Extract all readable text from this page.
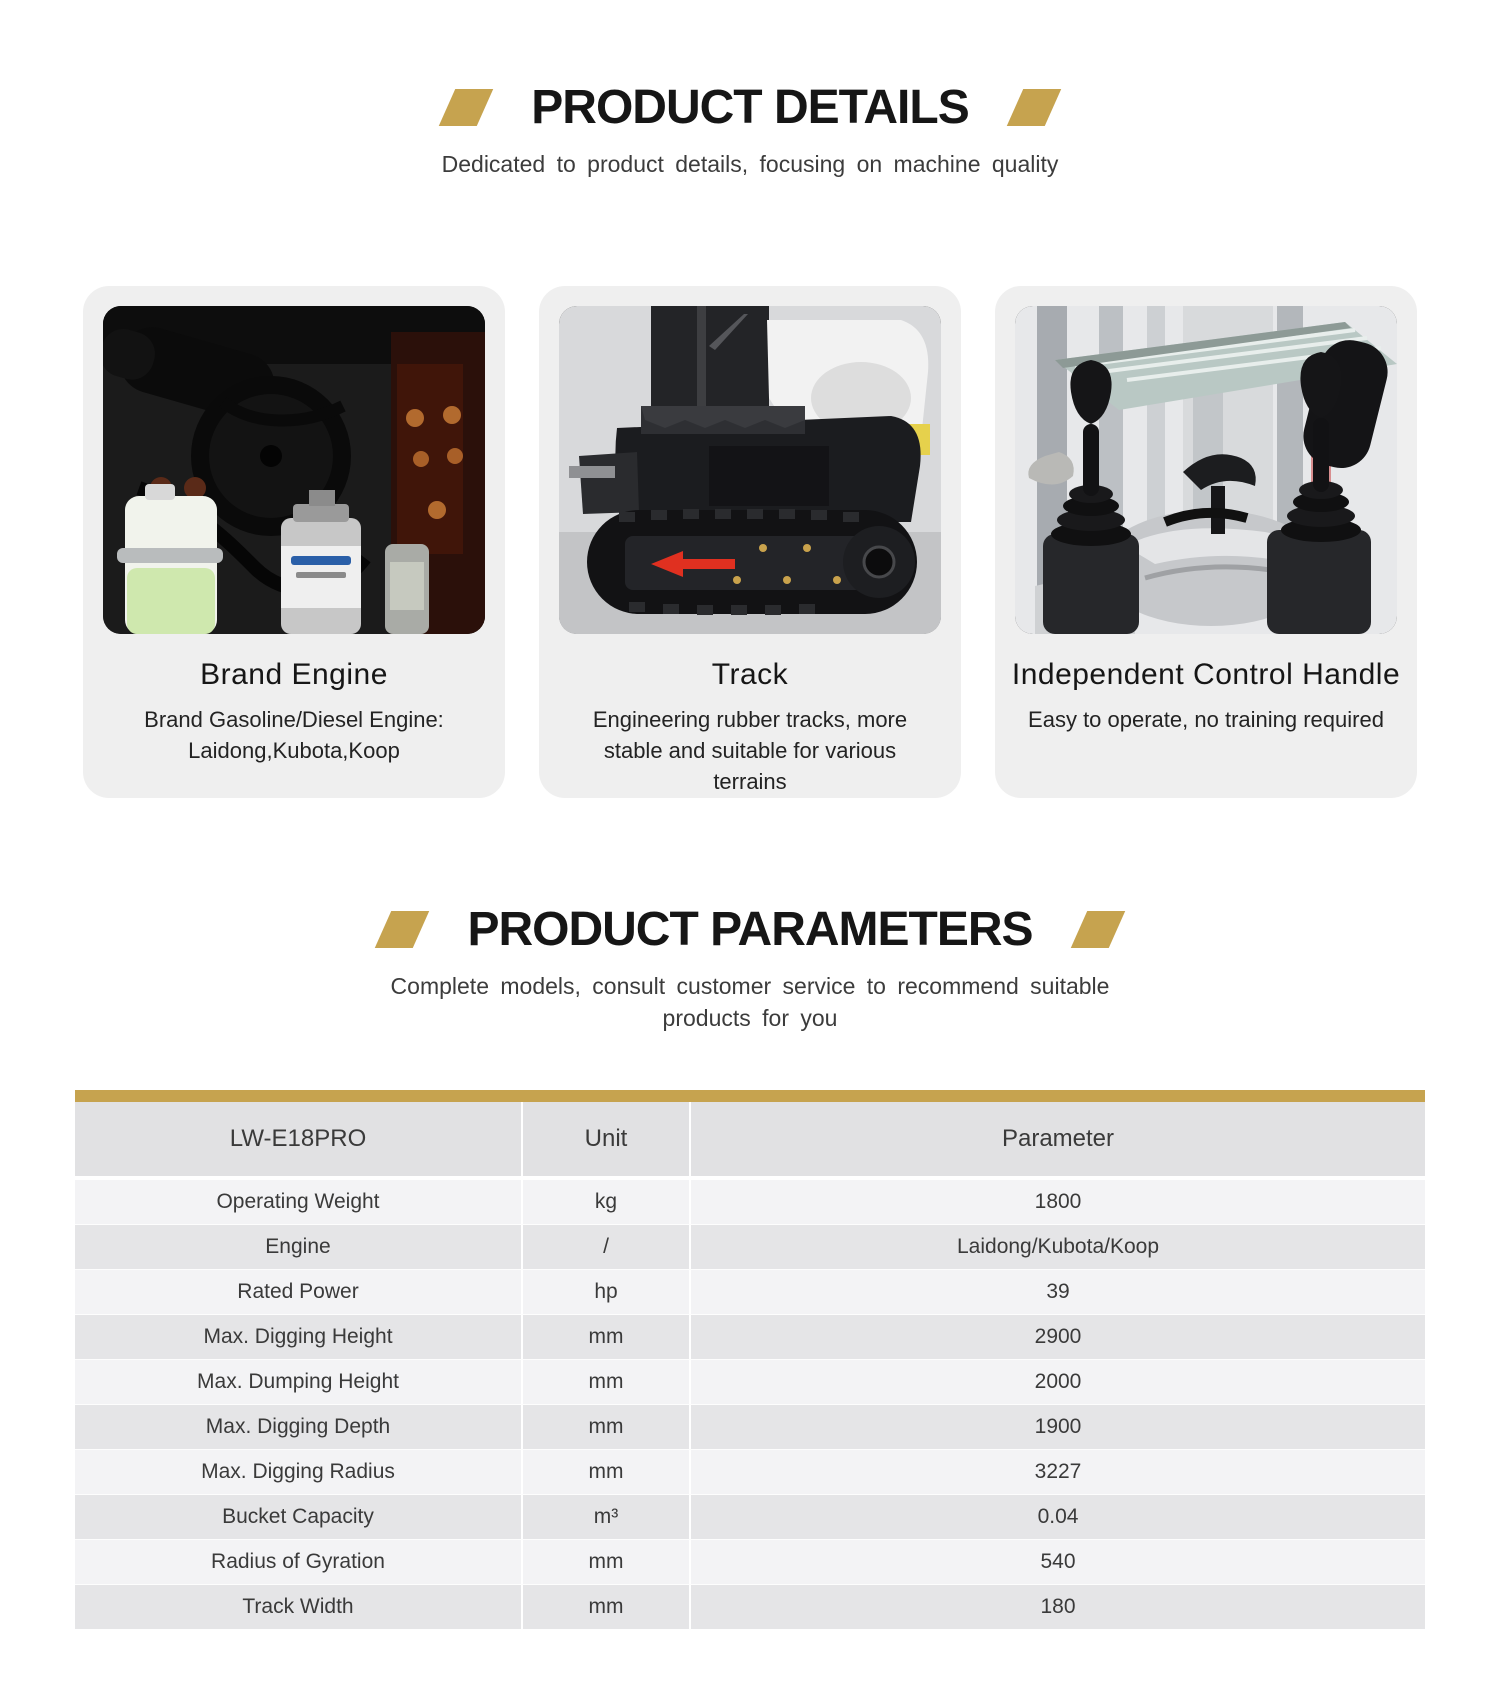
PRODUCT DETAILS

Dedicated to product details, focusing on machine quality

Brand Engine

Brand Gasoline/Diesel Engine: Laidong,Kubota,Koop

Track

Engineering rubber tracks, more stable and suitable for various terrains

Independent Control Handle

Easy to operate, no training required

PRODUCT PARAMETERS

Complete models, consult customer service to recommend suitable products for you

LW-E18PRO	Unit	Parameter
Operating Weight	kg	1800
Engine	/	Laidong/Kubota/Koop
Rated Power	hp	39
Max. Digging Height	mm	2900
Max. Dumping Height	mm	2000
Max. Digging Depth	mm	1900
Max. Digging Radius	mm	3227
Bucket Capacity	m³	0.04
Radius of Gyration	mm	540
Track Width	mm	180
